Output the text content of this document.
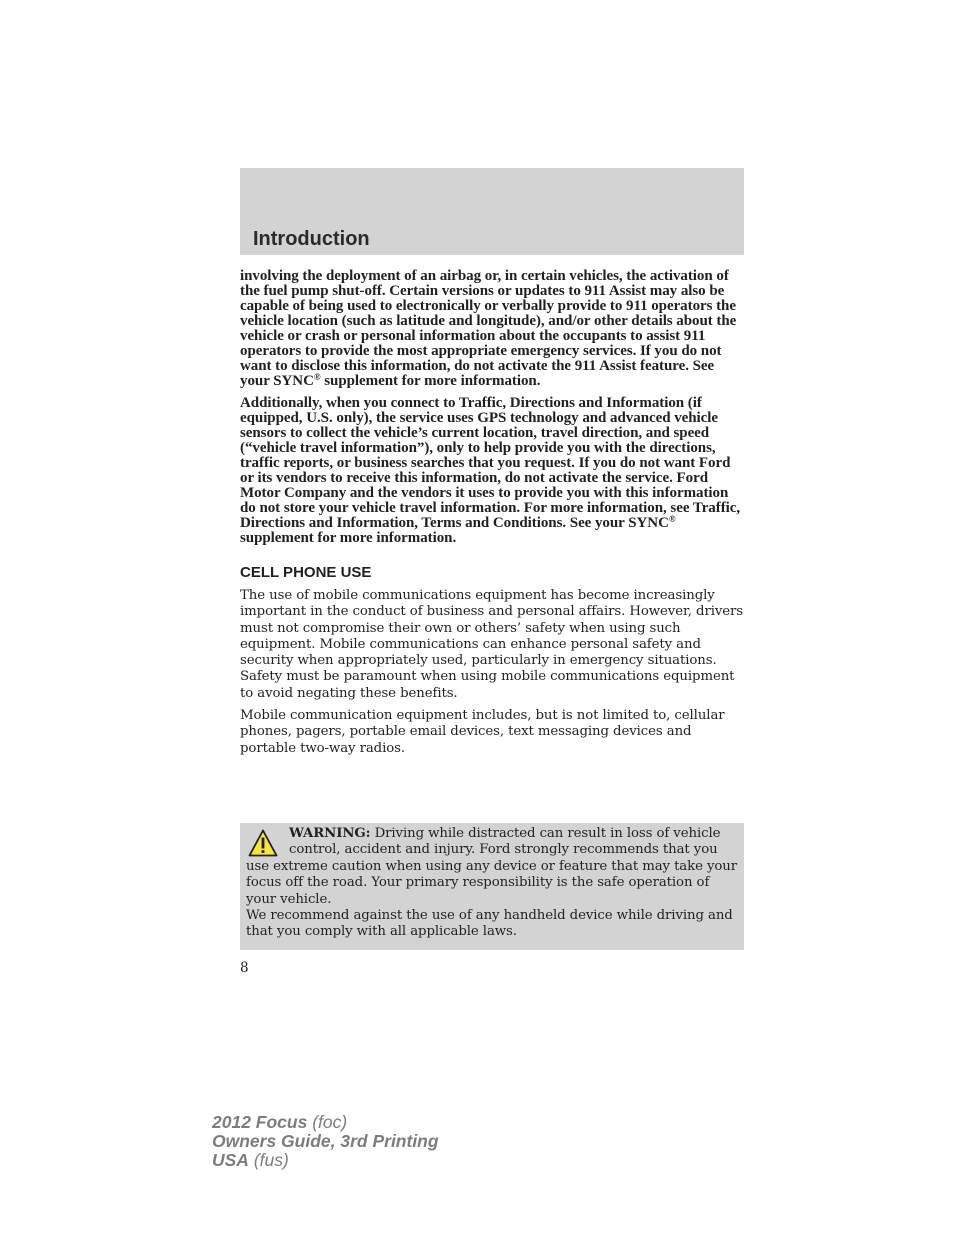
Introduction

involving the deployment of an airbag or, in certain vehicles, the activation of the fuel pump shut-off. Certain versions or updates to 911 Assist may also be capable of being used to electronically or verbally provide to 911 operators the vehicle location (such as latitude and longitude), and/or other details about the vehicle or crash or personal information about the occupants to assist 911 operators to provide the most appropriate emergency services. If you do not want to disclose this information, do not activate the 911 Assist feature. See your SYNC® supplement for more information.

Additionally, when you connect to Traffic, Directions and Information (if equipped, U.S. only), the service uses GPS technology and advanced vehicle sensors to collect the vehicle’s current location, travel direction, and speed (“vehicle travel information”), only to help provide you with the directions, traffic reports, or business searches that you request. If you do not want Ford or its vendors to receive this information, do not activate the service. Ford Motor Company and the vendors it uses to provide you with this information do not store your vehicle travel information. For more information, see Traffic, Directions and Information, Terms and Conditions. See your SYNC®
supplement for more information.

CELL PHONE USE

The use of mobile communications equipment has become increasingly important in the conduct of business and personal affairs. However, drivers must not compromise their own or others’ safety when using such equipment. Mobile communications can enhance personal safety and security when appropriately used, particularly in emergency situations. Safety must be paramount when using mobile communications equipment to avoid negating these benefits.

Mobile communication equipment includes, but is not limited to, cellular phones, pagers, portable email devices, text messaging devices and portable two-way radios.

WARNING: Driving while distracted can result in loss of vehicle control, accident and injury. Ford strongly recommends that you use extreme caution when using any device or feature that may take your focus off the road. Your primary responsibility is the safe operation of your vehicle.
We recommend against the use of any handheld device while driving and that you comply with all applicable laws.
8
2012 Focus (foc)
Owners Guide, 3rd Printing
USA (fus)
